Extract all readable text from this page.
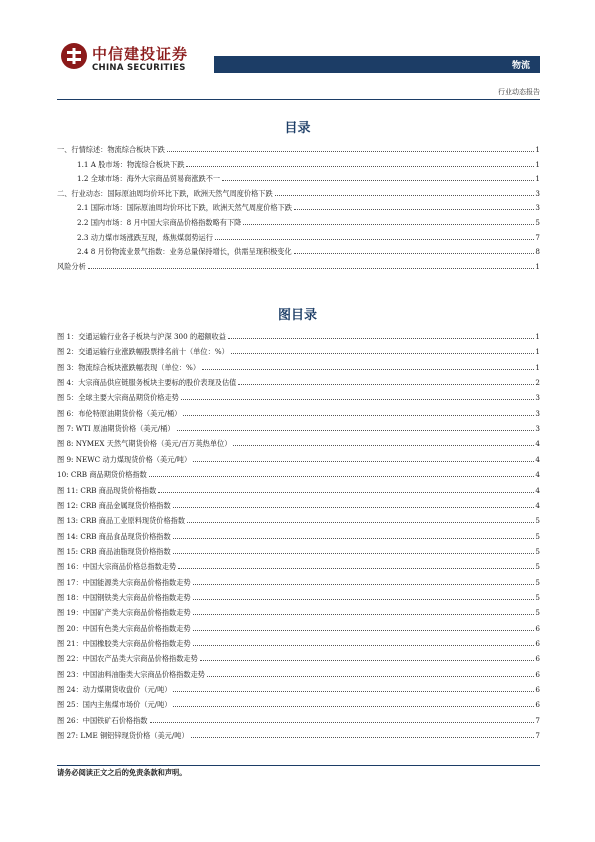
中信建投证券
CHINA SECURITIES	物流
行业动态报告
目录
一、行情综述：物流综合板块下跌	1
1.1 A 股市场：物流综合板块下跌	1
1.2 全球市场：海外大宗商品贸易商涨跌不一	1
二、行业动态：国际原油周均价环比下跌，欧洲天然气周度价格下跌	3
2.1 国际市场：国际原油周均价环比下跌，欧洲天然气周度价格下跌	3
2.2 国内市场：8 月中国大宗商品价格指数略有下降	5
2.3 动力煤市场涨跌互现，炼焦煤弱势运行	7
2.4 8 月份物流业景气指数：业务总量保持增长，供需呈现积极变化	8
风险分析	1
图目录
图 1：交通运输行业各子板块与沪深 300 的超额收益	1
图 2：交通运输行业涨跌幅股票排名前十（单位：%）	1
图 3：物流综合板块涨跌幅表现（单位：%）	1
图 4：大宗商品供应链服务板块主要标的股价表现及估值	2
图 5：全球主要大宗商品期货价格走势	3
图 6：布伦特原油期货价格（美元/桶）	3
图 7: WTI 原油期货价格（美元/桶）	3
图 8: NYMEX 天然气期货价格（美元/百万英热单位）	4
图 9: NEWC 动力煤现货价格（美元/吨）	4
10: CRB 商品期货价格指数	4
图 11: CRB 商品现货价格指数	4
图 12: CRB 商品金属现货价格指数	4
图 13: CRB 商品工业原料现货价格指数	5
图 14: CRB 商品食品现货价格指数	5
图 15: CRB 商品油脂现货价格指数	5
图 16：中国大宗商品价格总指数走势	5
图 17：中国能源类大宗商品价格指数走势	5
图 18：中国钢铁类大宗商品价格指数走势	5
图 19：中国矿产类大宗商品价格指数走势	5
图 20：中国有色类大宗商品价格指数走势	6
图 21：中国橡胶类大宗商品价格指数走势	6
图 22：中国农产品类大宗商品价格指数走势	6
图 23：中国油料油脂类大宗商品价格指数走势	6
图 24：动力煤期货收盘价（元/吨）	6
图 25：国内主焦煤市场价（元/吨）	6
图 26：中国铁矿石价格指数	7
图 27: LME 铜铝锌现货价格（美元/吨）	7
请务必阅读正文之后的免责条款和声明。
